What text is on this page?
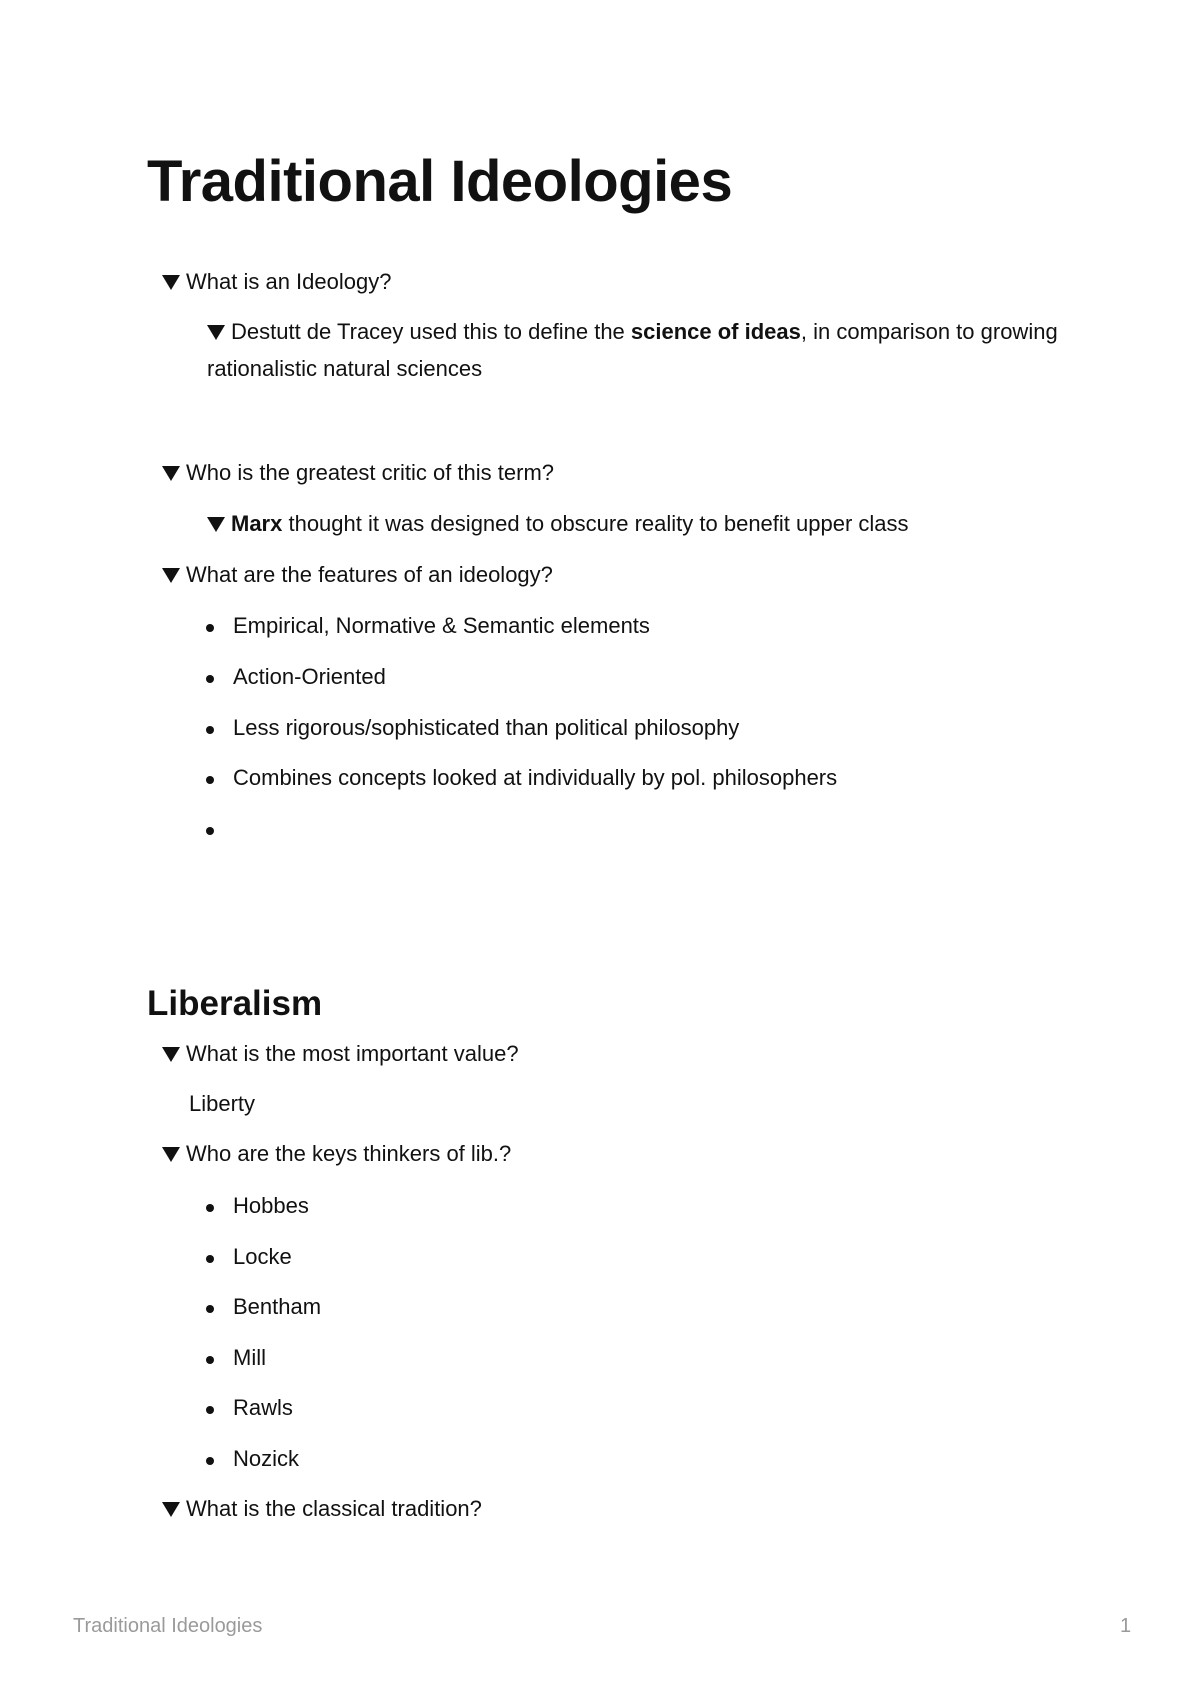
Traditional Ideologies
What is an Ideology?
Destutt de Tracey used this to define the science of ideas, in comparison to growing rationalistic natural sciences
Who is the greatest critic of this term?
Marx thought it was designed to obscure reality to benefit upper class
What are the features of an ideology?
Empirical, Normative & Semantic elements
Action-Oriented
Less rigorous/sophisticated than political philosophy
Combines concepts looked at individually by pol. philosophers
Liberalism
What is the most important value?
Liberty
Who are the keys thinkers of lib.?
Hobbes
Locke
Bentham
Mill
Rawls
Nozick
What is the classical tradition?
Traditional Ideologies	1
